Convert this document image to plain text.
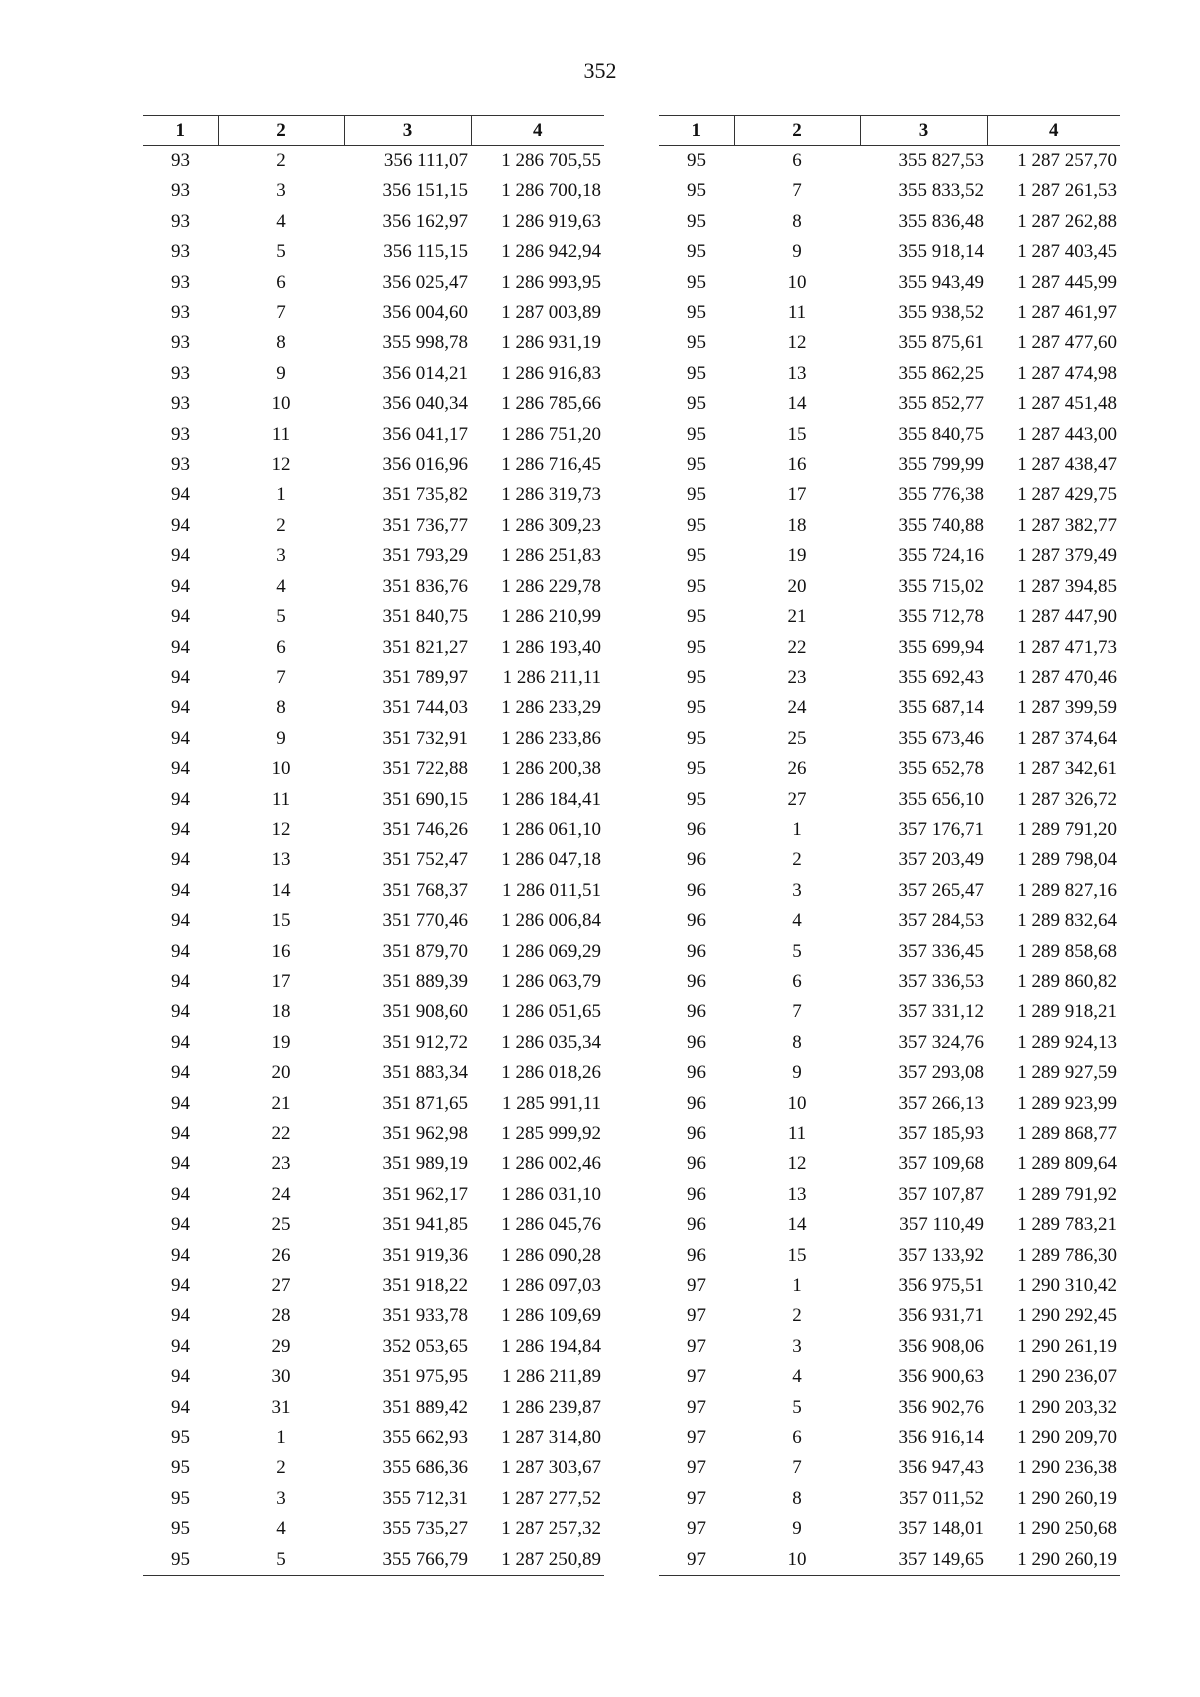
352
1	2	3	4
93	2	356 111,07	1 286 705,55
93	3	356 151,15	1 286 700,18
93	4	356 162,97	1 286 919,63
93	5	356 115,15	1 286 942,94
93	6	356 025,47	1 286 993,95
93	7	356 004,60	1 287 003,89
93	8	355 998,78	1 286 931,19
93	9	356 014,21	1 286 916,83
93	10	356 040,34	1 286 785,66
93	11	356 041,17	1 286 751,20
93	12	356 016,96	1 286 716,45
94	1	351 735,82	1 286 319,73
94	2	351 736,77	1 286 309,23
94	3	351 793,29	1 286 251,83
94	4	351 836,76	1 286 229,78
94	5	351 840,75	1 286 210,99
94	6	351 821,27	1 286 193,40
94	7	351 789,97	1 286 211,11
94	8	351 744,03	1 286 233,29
94	9	351 732,91	1 286 233,86
94	10	351 722,88	1 286 200,38
94	11	351 690,15	1 286 184,41
94	12	351 746,26	1 286 061,10
94	13	351 752,47	1 286 047,18
94	14	351 768,37	1 286 011,51
94	15	351 770,46	1 286 006,84
94	16	351 879,70	1 286 069,29
94	17	351 889,39	1 286 063,79
94	18	351 908,60	1 286 051,65
94	19	351 912,72	1 286 035,34
94	20	351 883,34	1 286 018,26
94	21	351 871,65	1 285 991,11
94	22	351 962,98	1 285 999,92
94	23	351 989,19	1 286 002,46
94	24	351 962,17	1 286 031,10
94	25	351 941,85	1 286 045,76
94	26	351 919,36	1 286 090,28
94	27	351 918,22	1 286 097,03
94	28	351 933,78	1 286 109,69
94	29	352 053,65	1 286 194,84
94	30	351 975,95	1 286 211,89
94	31	351 889,42	1 286 239,87
95	1	355 662,93	1 287 314,80
95	2	355 686,36	1 287 303,67
95	3	355 712,31	1 287 277,52
95	4	355 735,27	1 287 257,32
95	5	355 766,79	1 287 250,89
1	2	3	4
95	6	355 827,53	1 287 257,70
95	7	355 833,52	1 287 261,53
95	8	355 836,48	1 287 262,88
95	9	355 918,14	1 287 403,45
95	10	355 943,49	1 287 445,99
95	11	355 938,52	1 287 461,97
95	12	355 875,61	1 287 477,60
95	13	355 862,25	1 287 474,98
95	14	355 852,77	1 287 451,48
95	15	355 840,75	1 287 443,00
95	16	355 799,99	1 287 438,47
95	17	355 776,38	1 287 429,75
95	18	355 740,88	1 287 382,77
95	19	355 724,16	1 287 379,49
95	20	355 715,02	1 287 394,85
95	21	355 712,78	1 287 447,90
95	22	355 699,94	1 287 471,73
95	23	355 692,43	1 287 470,46
95	24	355 687,14	1 287 399,59
95	25	355 673,46	1 287 374,64
95	26	355 652,78	1 287 342,61
95	27	355 656,10	1 287 326,72
96	1	357 176,71	1 289 791,20
96	2	357 203,49	1 289 798,04
96	3	357 265,47	1 289 827,16
96	4	357 284,53	1 289 832,64
96	5	357 336,45	1 289 858,68
96	6	357 336,53	1 289 860,82
96	7	357 331,12	1 289 918,21
96	8	357 324,76	1 289 924,13
96	9	357 293,08	1 289 927,59
96	10	357 266,13	1 289 923,99
96	11	357 185,93	1 289 868,77
96	12	357 109,68	1 289 809,64
96	13	357 107,87	1 289 791,92
96	14	357 110,49	1 289 783,21
96	15	357 133,92	1 289 786,30
97	1	356 975,51	1 290 310,42
97	2	356 931,71	1 290 292,45
97	3	356 908,06	1 290 261,19
97	4	356 900,63	1 290 236,07
97	5	356 902,76	1 290 203,32
97	6	356 916,14	1 290 209,70
97	7	356 947,43	1 290 236,38
97	8	357 011,52	1 290 260,19
97	9	357 148,01	1 290 250,68
97	10	357 149,65	1 290 260,19
